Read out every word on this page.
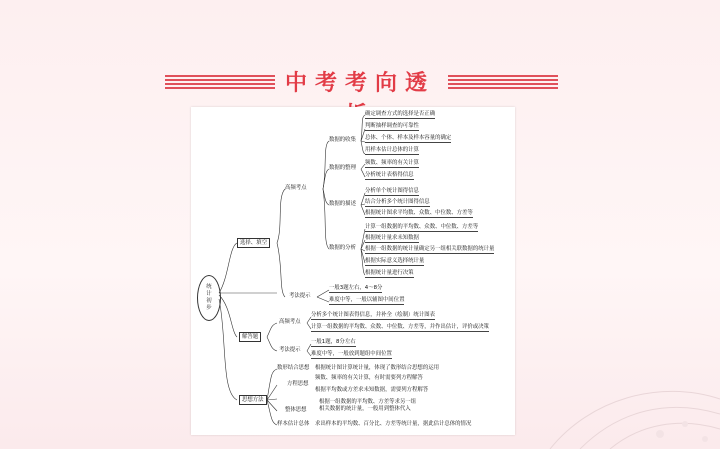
中考考向透
统计初步
选择、填空
高频考点
数据的收集
确定调查方式的选择是否正确
判断抽样调查的可靠性
总体、个体、样本及样本容量的确定
用样本估计总体的计算
数据的整理
频数、频率的有关计算
分析统计表格得信息
数据的描述
分析单个统计图得信息
结合分析多个统计图得信息
根据统计图求平均数、众数、中位数、方差等
数据的分析
计算一组数据的平均数、众数、中位数、方差等
根据统计量求未知数据
根据一组数据的统计量确定另一组相关联数据的统计量
根据实际意义选择统计量
根据统计量进行决策
考法提示
一般3题左右，4～8分
难度中等，一般以辅图中间位置
解答题
高频考点
分析多个统计图表得信息，并补全（绘制）统计图表
计算一组数据的平均数、众数、中位数、方差等，并作出估计，评价或决策
考法提示
一般1题，8分左右
难度中等，一般放到题组中间位置
思想方法
数形结合思想 根据统计图计算统计量，体现了数形结合思想的运用
方程思想
频数、频率的有关计算，有时需要列方程解答
根据平均数或方差求未知数据，需要列方程解答
整体思想
根据一组数据的平均数、方差等求另一组相关数据的统计量，一般用到整体代入
样本估计总体 求出样本的平均数、百分比、方差等统计量，据此估计总体的情况
